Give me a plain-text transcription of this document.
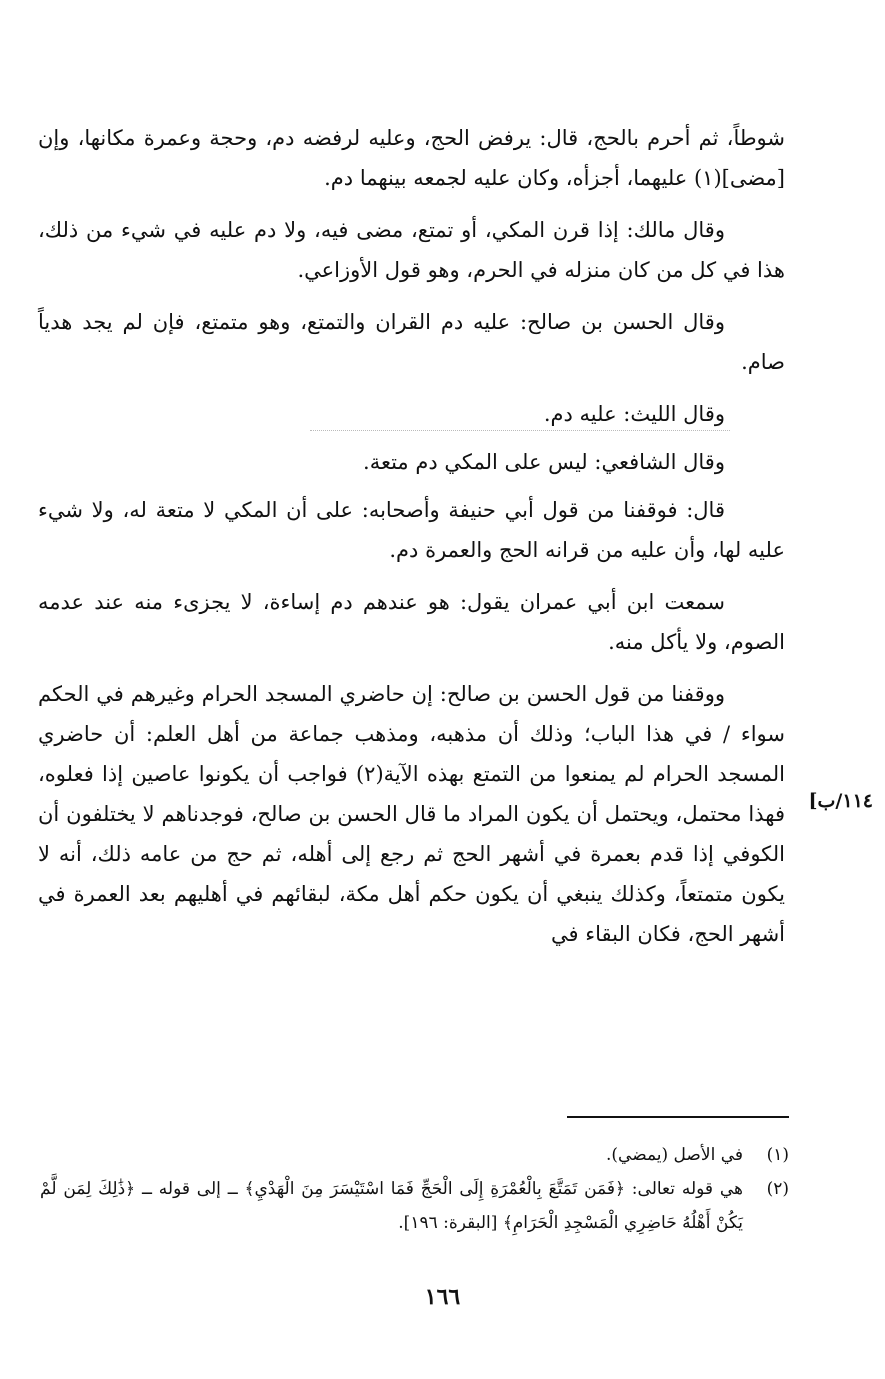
شوطاً، ثم أحرم بالحج، قال: يرفض الحج، وعليه لرفضه دم، وحجة وعمرة مكانها، وإن [مضى](١) عليهما، أجزأه، وكان عليه لجمعه بينهما دم.

وقال مالك: إذا قرن المكي، أو تمتع، مضى فيه، ولا دم عليه في شيء من ذلك، هذا في كل من كان منزله في الحرم، وهو قول الأوزاعي.

وقال الحسن بن صالح: عليه دم القران والتمتع، وهو متمتع، فإن لم يجد هدياً صام.

وقال الليث: عليه دم.

وقال الشافعي: ليس على المكي دم متعة.

قال: فوقفنا من قول أبي حنيفة وأصحابه: على أن المكي لا متعة له، ولا شيء عليه لها، وأن عليه من قرانه الحج والعمرة دم.

سمعت ابن أبي عمران يقول: هو عندهم دم إساءة، لا يجزىء منه عند عدمه الصوم، ولا يأكل منه.

ووقفنا من قول الحسن بن صالح: إن حاضري المسجد الحرام وغيرهم في الحكم سواء / في هذا الباب؛ وذلك أن مذهبه، ومذهب جماعة من أهل العلم: أن حاضري المسجد الحرام لم يمنعوا من التمتع بهذه الآية(٢) فواجب أن يكونوا عاصين إذا فعلوه، فهذا محتمل، ويحتمل أن يكون المراد ما قال الحسن بن صالح، فوجدناهم لا يختلفون أن الكوفي إذا قدم بعمرة في أشهر الحج ثم رجع إلى أهله، ثم حج من عامه ذلك، أنه لا يكون متمتعاً، وكذلك ينبغي أن يكون حكم أهل مكة، لبقائهم في أهليهم بعد العمرة في أشهر الحج، فكان البقاء في

١١٤/ب]
(١)
في الأصل (يمضي).
(٢)
هي قوله تعالى: ﴿فَمَن تَمَتَّعَ بِالْعُمْرَةِ إِلَى الْحَجِّ فَمَا اسْتَيْسَرَ مِنَ الْهَدْيِ﴾ ــ إلى قوله ــ ﴿ذَٰلِكَ لِمَن لَّمْ يَكُنْ أَهْلُهُ حَاضِرِي الْمَسْجِدِ الْحَرَامِ﴾ [البقرة: ١٩٦].
١٦٦
